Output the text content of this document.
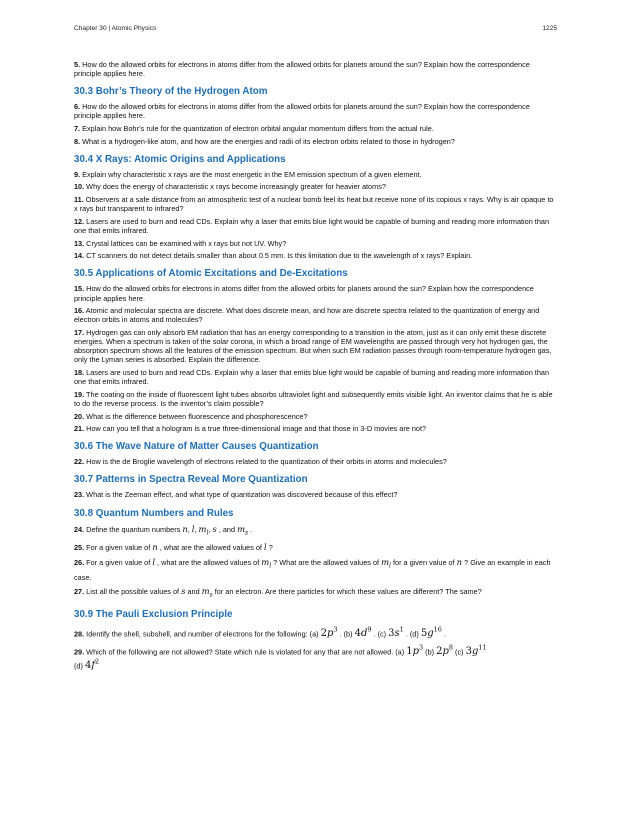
Chapter 30 | Atomic Physics	1225

5. How do the allowed orbits for electrons in atoms differ from the allowed orbits for planets around the sun? Explain how the correspondence principle applies here.

30.3 Bohr’s Theory of the Hydrogen Atom

6. How do the allowed orbits for electrons in atoms differ from the allowed orbits for planets around the sun? Explain how the correspondence principle applies here.

7. Explain how Bohr’s rule for the quantization of electron orbital angular momentum differs from the actual rule.

8. What is a hydrogen-like atom, and how are the energies and radii of its electron orbits related to those in hydrogen?

30.4 X Rays: Atomic Origins and Applications

9. Explain why characteristic x rays are the most energetic in the EM emission spectrum of a given element.

10. Why does the energy of characteristic x rays become increasingly greater for heavier atoms?

11. Observers at a safe distance from an atmospheric test of a nuclear bomb feel its heat but receive none of its copious x rays. Why is air opaque to x rays but transparent to infrared?

12. Lasers are used to burn and read CDs. Explain why a laser that emits blue light would be capable of burning and reading more information than one that emits infrared.

13. Crystal lattices can be examined with x rays but not UV. Why?

14. CT scanners do not detect details smaller than about 0.5 mm. Is this limitation due to the wavelength of x rays? Explain.

30.5 Applications of Atomic Excitations and De-Excitations

15. How do the allowed orbits for electrons in atoms differ from the allowed orbits for planets around the sun? Explain how the correspondence principle applies here.

16. Atomic and molecular spectra are discrete. What does discrete mean, and how are discrete spectra related to the quantization of energy and electron orbits in atoms and molecules?

17. Hydrogen gas can only absorb EM radiation that has an energy corresponding to a transition in the atom, just as it can only emit these discrete energies. When a spectrum is taken of the solar corona, in which a broad range of EM wavelengths are passed through very hot hydrogen gas, the absorption spectrum shows all the features of the emission spectrum. But when such EM radiation passes through room-temperature hydrogen gas, only the Lyman series is absorbed. Explain the difference.

18. Lasers are used to burn and read CDs. Explain why a laser that emits blue light would be capable of burning and reading more information than one that emits infrared.

19. The coating on the inside of fluorescent light tubes absorbs ultraviolet light and subsequently emits visible light. An inventor claims that he is able to do the reverse process. Is the inventor’s claim possible?

20. What is the difference between fluorescence and phosphorescence?

21. How can you tell that a hologram is a true three-dimensional image and that those in 3-D movies are not?

30.6 The Wave Nature of Matter Causes Quantization

22. How is the de Broglie wavelength of electrons related to the quantization of their orbits in atoms and molecules?

30.7 Patterns in Spectra Reveal More Quantization

23. What is the Zeeman effect, and what type of quantization was discovered because of this effect?

30.8 Quantum Numbers and Rules

24. Define the quantum numbers n, l, $m_l$, s , and $m_s$ .

25. For a given value of n , what are the allowed values of l ?

26. For a given value of l , what are the allowed values of $m_l$ ? What are the allowed values of $m_l$ for a given value of n ? Give an example in each case.

27. List all the possible values of s and $m_s$ for an electron. Are there particles for which these values are different? The same?

30.9 The Pauli Exclusion Principle

28. Identify the shell, subshell, and number of electrons for the following: (a) $2p^3$ . (b) $4d^9$ . (c) $3s^1$ . (d) $5g^{16}$ .

29. Which of the following are not allowed? State which rule is violated for any that are not allowed. (a) $1p^3$ (b) $2p^8$ (c) $3g^{11}$
(d) $4f^2$
